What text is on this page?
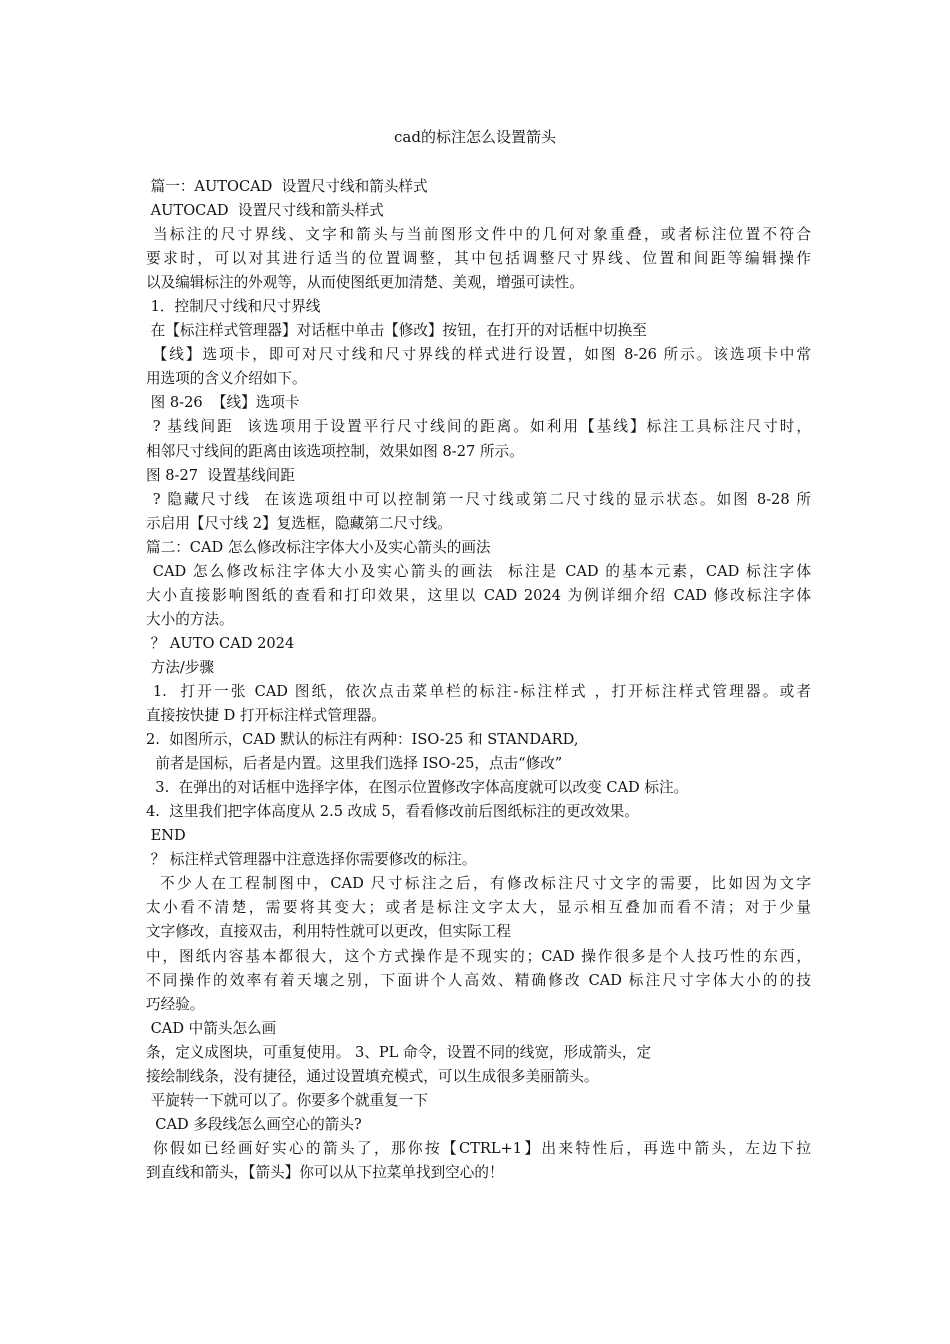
cad的标注怎么设置箭头
篇一：AUTOCAD  设置尺寸线和箭头样式
AUTOCAD  设置尺寸线和箭头样式
当标注的尺寸界线、文字和箭头与当前图形文件中的几何对象重叠，或者标注位置不符合
要求时，可以对其进行适当的位置调整，其中包括调整尺寸界线、位置和间距等编辑操作
以及编辑标注的外观等，从而使图纸更加清楚、美观，增强可读性。
1．控制尺寸线和尺寸界线
在【标注样式管理器】对话框中单击【修改】按钮，在打开的对话框中切换至
【线】选项卡，即可对尺寸线和尺寸界线的样式进行设置，如图 8-26 所示。该选项卡中常
用选项的含义介绍如下。
图 8-26  【线】选项卡
? 基线间距  该选项用于设置平行尺寸线间的距离。如利用【基线】标注工具标注尺寸时，
相邻尺寸线间的距离由该选项控制，效果如图 8-27 所示。
图 8-27  设置基线间距
? 隐藏尺寸线  在该选项组中可以控制第一尺寸线或第二尺寸线的显示状态。如图 8-28 所
示启用【尺寸线 2】复选框，隐藏第二尺寸线。
篇二：CAD 怎么修改标注字体大小及实心箭头的画法
CAD 怎么修改标注字体大小及实心箭头的画法  标注是 CAD 的基本元素，CAD 标注字体
大小直接影响图纸的查看和打印效果，这里以 CAD 2024 为例详细介绍 CAD 修改标注字体
大小的方法。
？ AUTO CAD 2024
方法/步骤
1.  打开一张 CAD 图纸，依次点击菜单栏的标注-标注样式 ，打开标注样式管理器。或者
直接按快捷 D 打开标注样式管理器。
2.  如图所示，CAD 默认的标注有两种：ISO-25 和 STANDARD,
前者是国标，后者是内置。这里我们选择 ISO-25，点击“修改”
3.  在弹出的对话框中选择字体，在图示位置修改字体高度就可以改变 CAD 标注。
4.  这里我们把字体高度从 2.5 改成 5，看看修改前后图纸标注的更改效果。
END
？ 标注样式管理器中注意选择你需要修改的标注。
不少人在工程制图中，CAD 尺寸标注之后，有修改标注尺寸文字的需要，比如因为文字
太小看不清楚，需要将其变大；或者是标注文字太大，显示相互叠加而看不清；对于少量
文字修改，直接双击，利用特性就可以更改，但实际工程
中，图纸内容基本都很大，这个方式操作是不现实的；CAD 操作很多是个人技巧性的东西，
不同操作的效率有着天壤之别，下面讲个人高效、精确修改 CAD 标注尺寸字体大小的的技
巧经验。
CAD 中箭头怎么画
条，定义成图块，可重复使用。 3、PL 命令，设置不同的线宽，形成箭头，定
接绘制线条，没有捷径，通过设置填充模式，可以生成很多美丽箭头。
平旋转一下就可以了。你要多个就重复一下
CAD 多段线怎么画空心的箭头?
你假如已经画好实心的箭头了，那你按【CTRL+1】出来特性后，再选中箭头，左边下拉
到直线和箭头，【箭头】你可以从下拉菜单找到空心的！
